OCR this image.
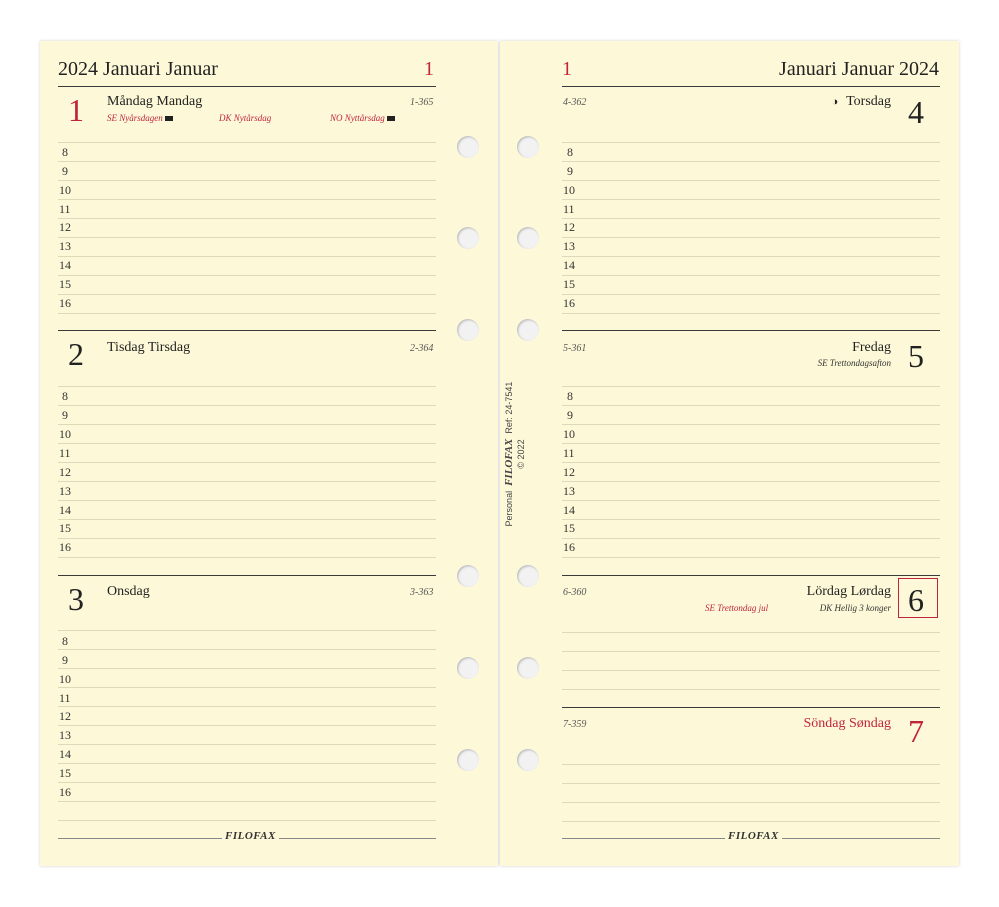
2024 Januari Januar	1
1 Måndag Mandag	1-365
SE Nyårsdagen	DK Nytårsdag	NO Nyttårsdag
8
9
10
11
12
13
14
15
16
2 Tisdag Tirsdag	2-364
8
9
10
11
12
13
14
15
16
3 Onsdag	3-363
8
9
10
11
12
13
14
15
16
FILOFAX
1	Januari Januar 2024
4-362	◑ Torsdag 4
8
9
10
11
12
13
14
15
16
5-361	Fredag
SE Trettondagsafton 5
8
9
10
11
12
13
14
15
16
6-360	Lördag Lørdag
SE Trettondag jul	DK Hellig 3 konger 6
7-359	Söndag Søndag 7
FILOFAX
Personal  FILOFAX  Ref: 24-7541
© 2022
